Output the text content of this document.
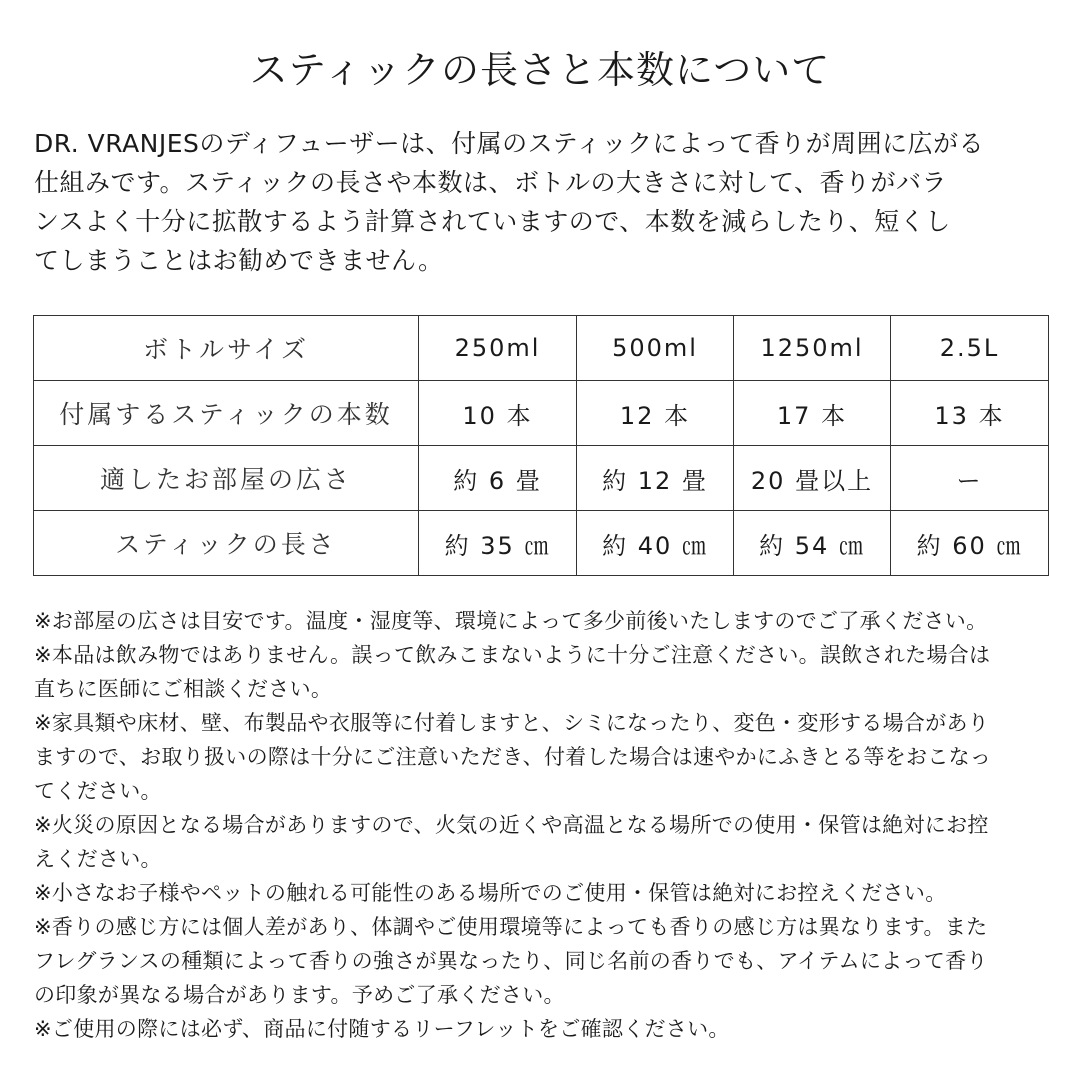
スティックの長さと本数について
DR. VRANJESのディフューザーは、付属のスティックによって香りが周囲に広がる
仕組みです。スティックの長さや本数は、ボトルの大きさに対して、香りがバラ
ンスよく十分に拡散するよう計算されていますので、本数を減らしたり、短くし
てしまうことはお勧めできません。
ボトルサイズ	250ml	500ml	1250ml	2.5L
付属するスティックの本数	10 本	12 本	17 本	13 本
適したお部屋の広さ	約 6 畳	約 12 畳	20 畳以上	ー
スティックの長さ	約 35 ㎝	約 40 ㎝	約 54 ㎝	約 60 ㎝
※お部屋の広さは目安です。温度・湿度等、環境によって多少前後いたしますのでご了承ください。
※本品は飲み物ではありません。誤って飲みこまないように十分ご注意ください。誤飲された場合は
直ちに医師にご相談ください。
※家具類や床材、壁、布製品や衣服等に付着しますと、シミになったり、変色・変形する場合があり
ますので、お取り扱いの際は十分にご注意いただき、付着した場合は速やかにふきとる等をおこなっ
てください。
※火災の原因となる場合がありますので、火気の近くや高温となる場所での使用・保管は絶対にお控
えください。
※小さなお子様やペットの触れる可能性のある場所でのご使用・保管は絶対にお控えください。
※香りの感じ方には個人差があり、体調やご使用環境等によっても香りの感じ方は異なります。また
フレグランスの種類によって香りの強さが異なったり、同じ名前の香りでも、アイテムによって香り
の印象が異なる場合があります。予めご了承ください。
※ご使用の際には必ず、商品に付随するリーフレットをご確認ください。
